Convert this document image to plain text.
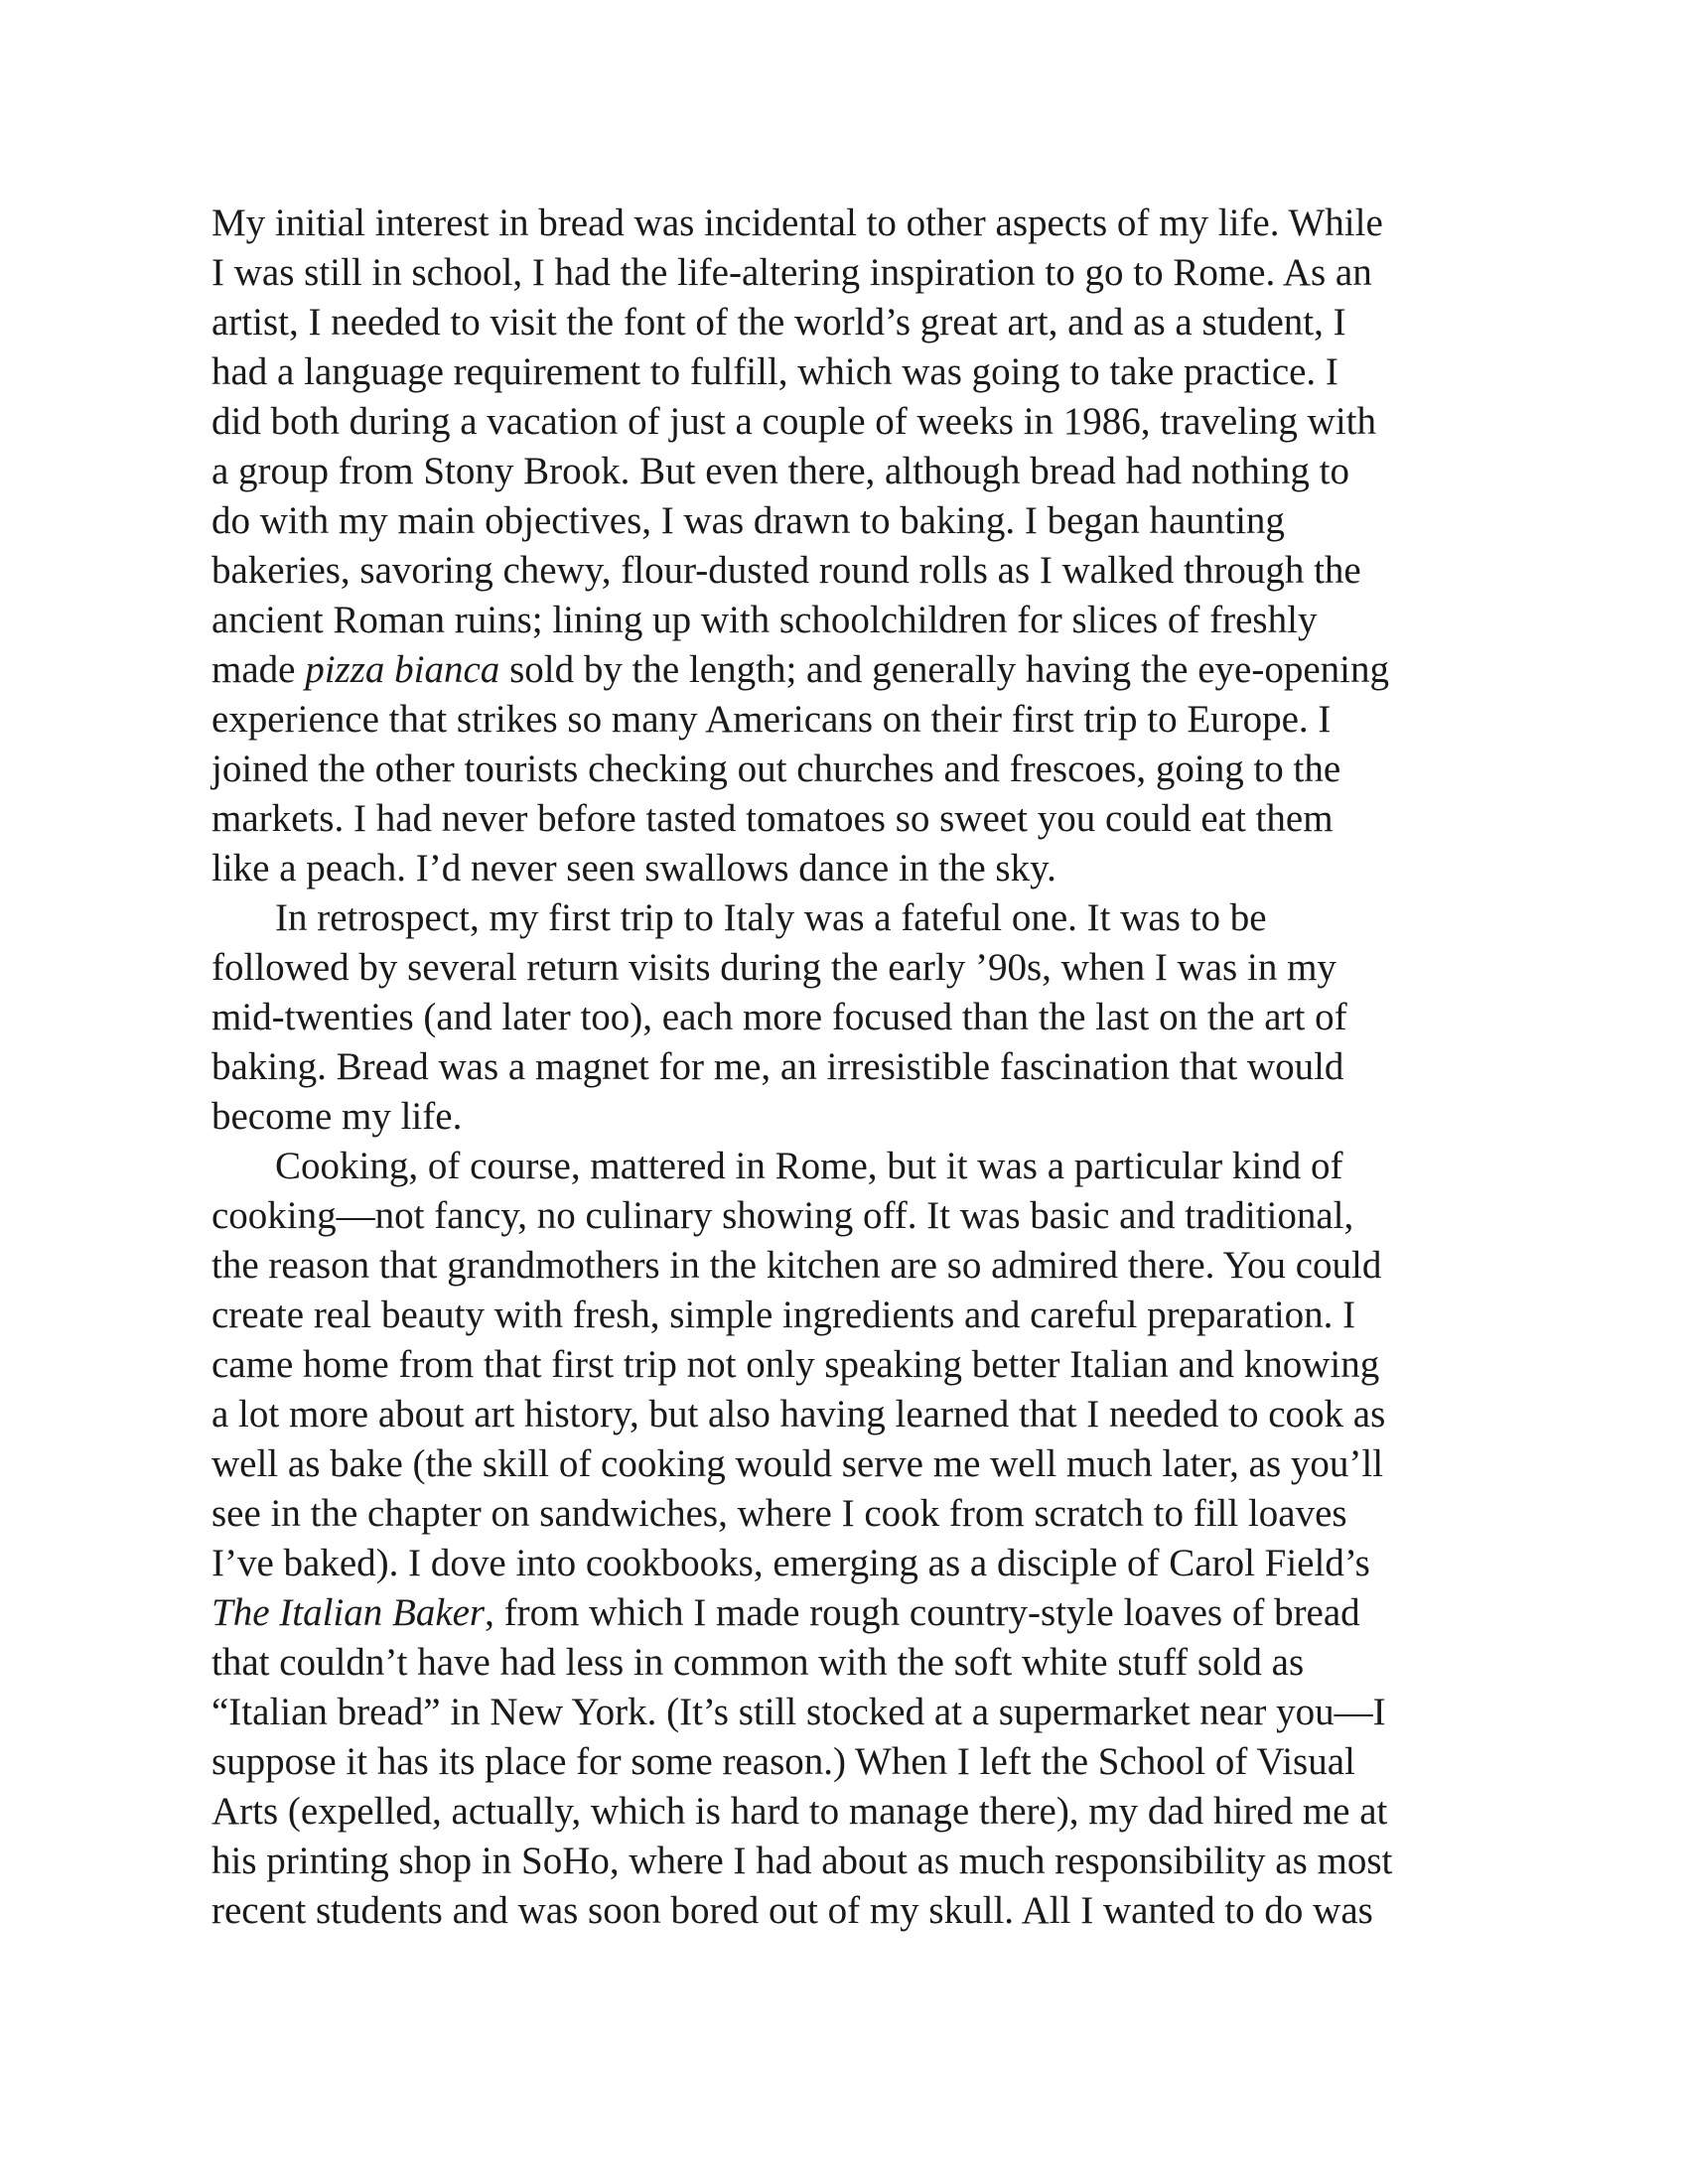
My initial interest in bread was incidental to other aspects of my life. While
I was still in school, I had the life-altering inspiration to go to Rome. As an
artist, I needed to visit the font of the world’s great art, and as a student, I
had a language requirement to fulfill, which was going to take practice. I
did both during a vacation of just a couple of weeks in 1986, traveling with
a group from Stony Brook. But even there, although bread had nothing to
do with my main objectives, I was drawn to baking. I began haunting
bakeries, savoring chewy, flour-dusted round rolls as I walked through the
ancient Roman ruins; lining up with schoolchildren for slices of freshly
made pizza bianca sold by the length; and generally having the eye-opening
experience that strikes so many Americans on their first trip to Europe. I
joined the other tourists checking out churches and frescoes, going to the
markets. I had never before tasted tomatoes so sweet you could eat them
like a peach. I’d never seen swallows dance in the sky.
In retrospect, my first trip to Italy was a fateful one. It was to be
followed by several return visits during the early ’90s, when I was in my
mid-twenties (and later too), each more focused than the last on the art of
baking. Bread was a magnet for me, an irresistible fascination that would
become my life.
Cooking, of course, mattered in Rome, but it was a particular kind of
cooking—not fancy, no culinary showing off. It was basic and traditional,
the reason that grandmothers in the kitchen are so admired there. You could
create real beauty with fresh, simple ingredients and careful preparation. I
came home from that first trip not only speaking better Italian and knowing
a lot more about art history, but also having learned that I needed to cook as
well as bake (the skill of cooking would serve me well much later, as you’ll
see in the chapter on sandwiches, where I cook from scratch to fill loaves
I’ve baked). I dove into cookbooks, emerging as a disciple of Carol Field’s
The Italian Baker, from which I made rough country-style loaves of bread
that couldn’t have had less in common with the soft white stuff sold as
“Italian bread” in New York. (It’s still stocked at a supermarket near you—I
suppose it has its place for some reason.) When I left the School of Visual
Arts (expelled, actually, which is hard to manage there), my dad hired me at
his printing shop in SoHo, where I had about as much responsibility as most
recent students and was soon bored out of my skull. All I wanted to do was
